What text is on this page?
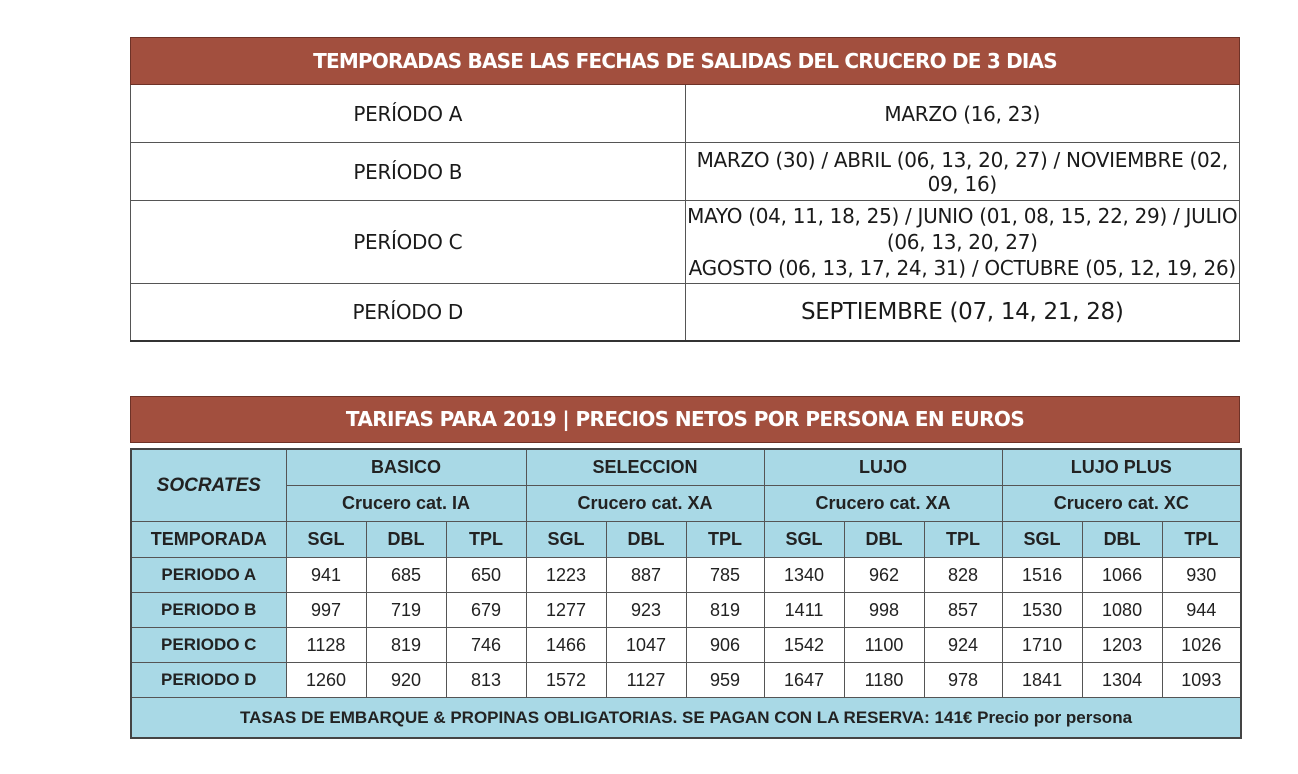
TEMPORADAS BASE LAS FECHAS DE SALIDAS DEL CRUCERO DE 3 DIAS	
PERÍODO A	MARZO (16, 23)
PERÍODO B	MARZO (30) / ABRIL (06, 13, 20, 27) / NOVIEMBRE (02, 09, 16)
PERÍODO C	MAYO (04, 11, 18, 25) / JUNIO (01, 08, 15, 22, 29) / JULIO (06, 13, 20, 27)
AGOSTO (06, 13, 17, 24, 31) / OCTUBRE (05, 12, 19, 26)

PERÍODO D	SEPTIEMBRE (07, 14, 21, 28)
TARIFAS PARA 2019 | PRECIOS NETOS POR PERSONA EN EUROS
SOCRATES	BASICO			SELECCION			LUJO			LUJO PLUS		
	Crucero cat. IA			Crucero cat. XA			Crucero cat. XA			Crucero cat. XC		
TEMPORADA	SGL	DBL	TPL	SGL	DBL	TPL	SGL	DBL	TPL	SGL	DBL	TPL
PERIODO A	941	685	650	1223	887	785	1340	962	828	1516	1066	930
PERIODO B	997	719	679	1277	923	819	1411	998	857	1530	1080	944
PERIODO C	1128	819	746	1466	1047	906	1542	1100	924	1710	1203	1026
PERIODO D	1260	920	813	1572	1127	959	1647	1180	978	1841	1304	1093
TASAS DE EMBARQUE & PROPINAS OBLIGATORIAS. SE PAGAN CON LA RESERVA: 141€ Precio por persona												
